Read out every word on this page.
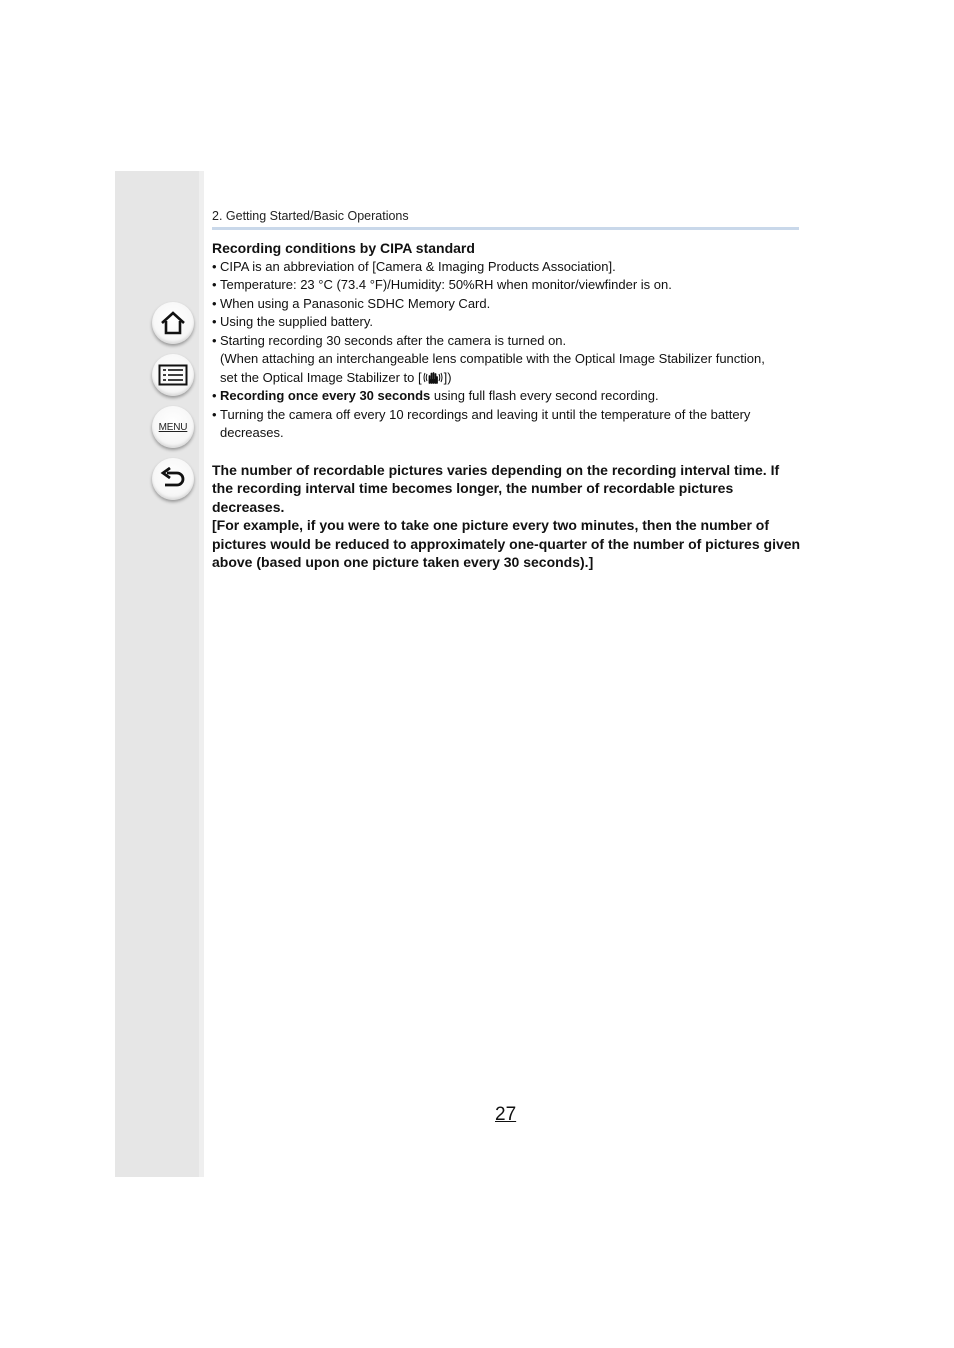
MENU
2. Getting Started/Basic Operations
Recording conditions by CIPA standard
• CIPA is an abbreviation of [Camera & Imaging Products Association].
• Temperature: 23 °C (73.4 °F)/Humidity: 50%RH when monitor/viewfinder is on.
• When using a Panasonic SDHC Memory Card.
• Using the supplied battery.
• Starting recording 30 seconds after the camera is turned on.
(When attaching an interchangeable lens compatible with the Optical Image Stabilizer function,
set the Optical Image Stabilizer to [ ])
• Recording once every 30 seconds using full flash every second recording.
• Turning the camera off every 10 recordings and leaving it until the temperature of the battery
decreases.

The number of recordable pictures varies depending on the recording interval time. If the recording interval time becomes longer, the number of recordable pictures decreases.

[For example, if you were to take one picture every two minutes, then the number of pictures would be reduced to approximately one-quarter of the number of pictures given above (based upon one picture taken every 30 seconds).]

27
